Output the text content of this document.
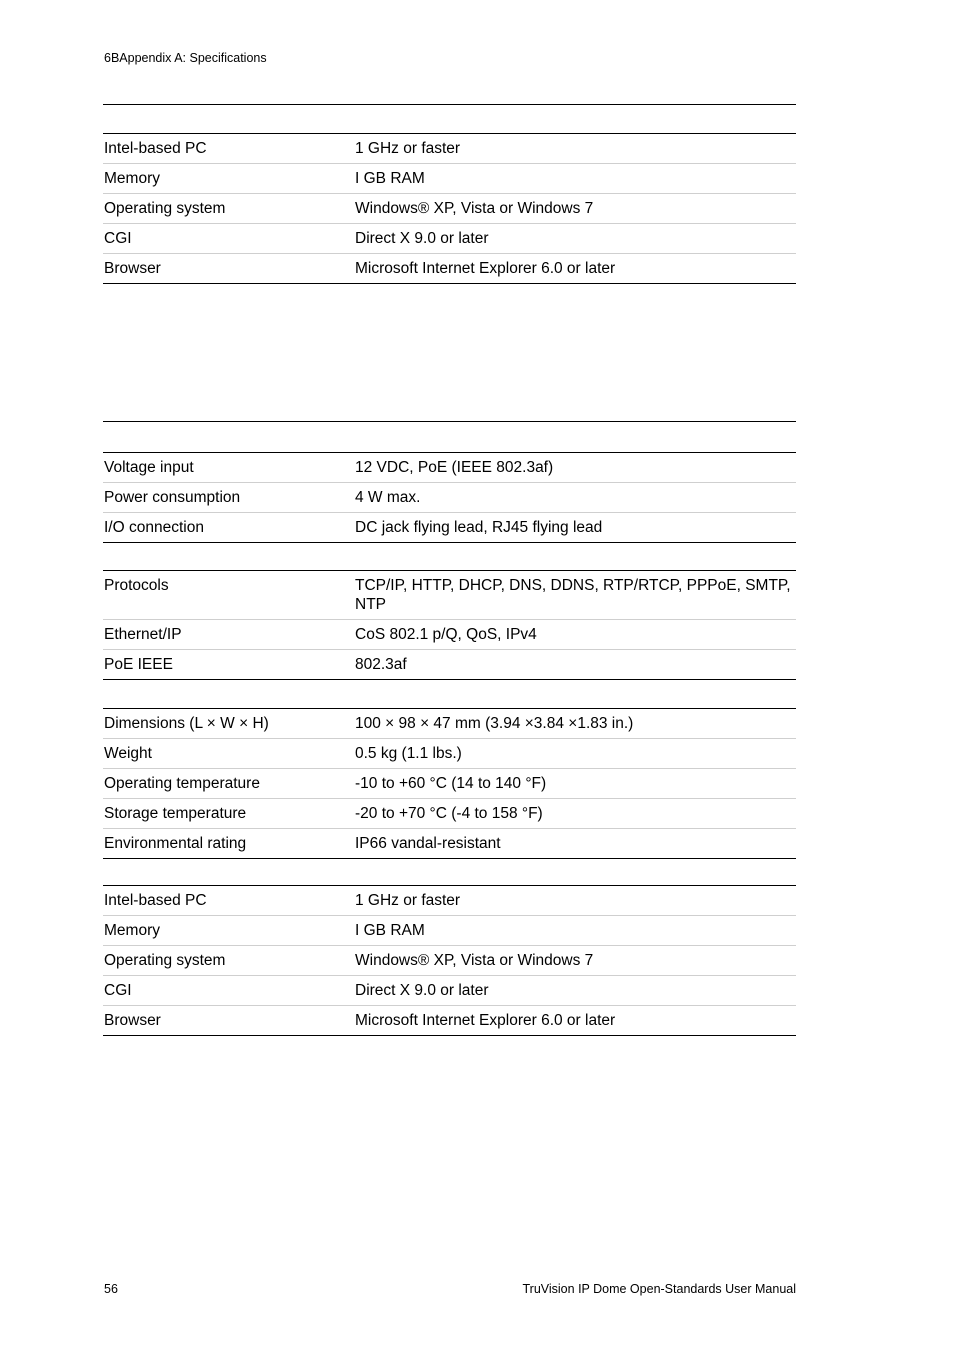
6BAppendix A: Specifications
Intel-based PC	1 GHz or faster
Memory	I GB RAM
Operating system	Windows® XP, Vista or Windows 7
CGI	Direct X 9.0 or later
Browser	Microsoft Internet Explorer 6.0 or later
Voltage input	12 VDC, PoE (IEEE 802.3af)
Power consumption	4 W max.
I/O connection	DC jack flying lead, RJ45 flying lead
Protocols	TCP/IP, HTTP, DHCP, DNS, DDNS, RTP/RTCP, PPPoE, SMTP, NTP
Ethernet/IP	CoS 802.1 p/Q, QoS, IPv4
PoE IEEE	802.3af
Dimensions (L × W × H)	100 × 98 × 47 mm (3.94 ×3.84 ×1.83 in.)
Weight	0.5 kg (1.1 lbs.)
Operating temperature	-10 to +60 °C (14 to 140 °F)
Storage temperature	-20 to +70 °C (-4 to 158 °F)
Environmental rating	IP66 vandal-resistant
Intel-based PC	1 GHz or faster
Memory	I GB RAM
Operating system	Windows® XP, Vista or Windows 7
CGI	Direct X 9.0 or later
Browser	Microsoft Internet Explorer 6.0 or later
56	TruVision IP Dome Open-Standards User Manual
